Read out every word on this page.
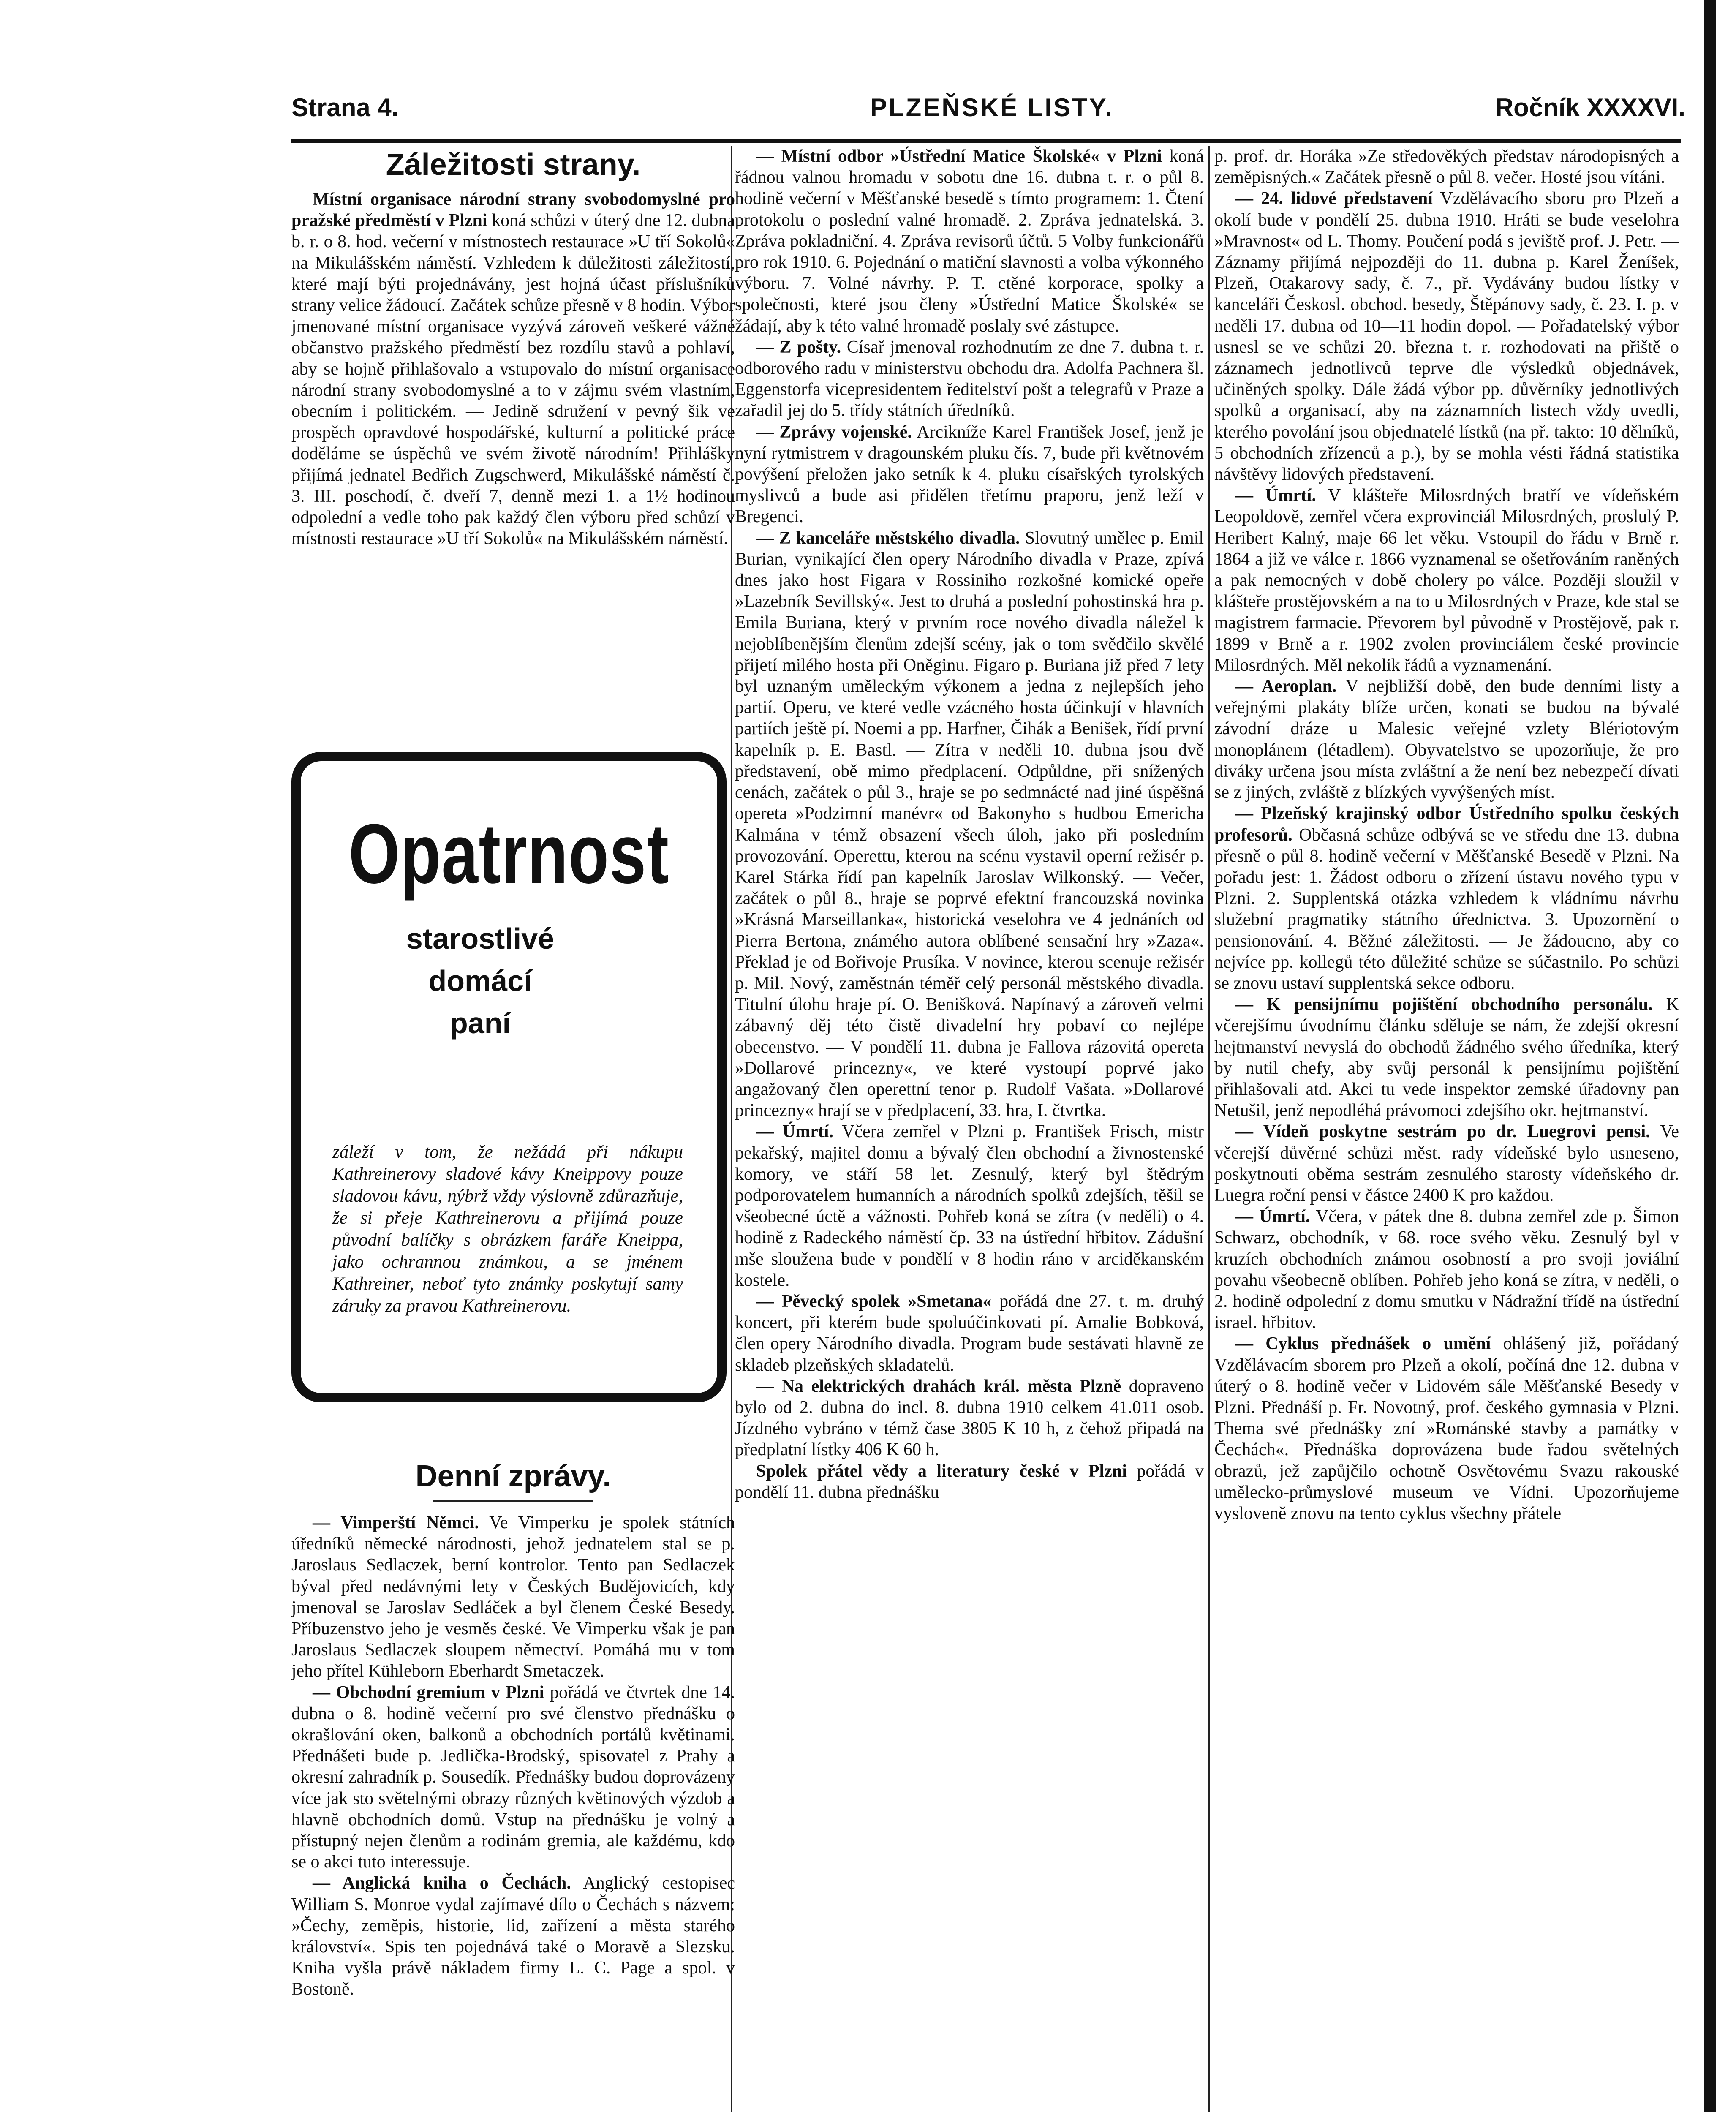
Strana 4.	PLZEŇSKÉ LISTY.	Ročník XXXXVI.
Záležitosti strany.

Místní organisace národní strany svobodomyslné pro pražské předměstí v Plzni koná schůzi v úterý dne 12. dubna b. r. o 8. hod. večerní v místnostech restaurace »U tří Sokolů« na Mikulášském náměstí. Vzhledem k důležitosti záležitostí, které mají býti projednávány, jest hojná účast příslušníků strany velice žádoucí. Začátek schůze přesně v 8 hodin. Výbor jmenované místní organisace vyzývá zároveň veškeré vážné občanstvo pražského předměstí bez rozdílu stavů a pohlaví, aby se hojně přihlašovalo a vstupovalo do místní organisace národní strany svobodomyslné a to v zájmu svém vlastním, obecním i politickém. — Jedině sdružení v pevný šik ve prospěch opravdové hospodářské, kulturní a politické práce doděláme se úspěchů ve svém životě národním! Přihlášky přijímá jednatel Bedřich Zugschwerd, Mikulášské náměstí č. 3. III. poschodí, č. dveří 7, denně mezi 1. a 1½ hodinou odpolední a vedle toho pak každý člen výboru před schůzí v místnosti restaurace »U tří Sokolů« na Mikulášském náměstí.

Opatrnost
starostlivé
domácí
paní
záleží v tom, že nežádá při nákupu Kathreinerovy sladové kávy Kneippovy pouze sladovou kávu, nýbrž vždy výslovně zdůrazňuje, že si přeje Kathreinerovu a přijímá pouze původní balíčky s obrázkem faráře Kneippa, jako ochrannou známkou, a se jménem Kathreiner, neboť tyto známky poskytují samy záruky za pravou Kathreinerovu.
Denní zprávy.

— Vimperští Němci. Ve Vimperku je spolek státních úředníků německé národnosti, jehož jednatelem stal se p. Jaroslaus Sedlaczek, berní kontrolor. Tento pan Sedlaczek býval před nedávnými lety v Českých Budějovicích, kdy jmenoval se Jaroslav Sedláček a byl členem České Besedy. Příbuzenstvo jeho je vesměs české. Ve Vimperku však je pan Jaroslaus Sedlaczek sloupem němectví. Pomáhá mu v tom jeho přítel Kühleborn Eberhardt Smetaczek.

— Obchodní gremium v Plzni pořádá ve čtvrtek dne 14. dubna o 8. hodině večerní pro své členstvo přednášku o okrašlování oken, balkonů a obchodních portálů květinami. Přednášeti bude p. Jedlička-Brodský, spisovatel z Prahy a okresní zahradník p. Sousedík. Přednášky budou doprovázeny více jak sto světelnými obrazy různých květinových výzdob a hlavně obchodních domů. Vstup na přednášku je volný a přístupný nejen členům a rodinám gremia, ale každému, kdo se o akci tuto interessuje.

— Anglická kniha o Čechách. Anglický cestopisec William S. Monroe vydal zajímavé dílo o Čechách s názvem: »Čechy, zeměpis, historie, lid, zařízení a města starého království«. Spis ten pojednává také o Moravě a Slezsku. Kniha vyšla právě nákladem firmy L. C. Page a spol. v Bostoně.

— Místní odbor »Ústřední Matice Školské« v Plzni koná řádnou valnou hromadu v sobotu dne 16. dubna t. r. o půl 8. hodině večerní v Měšťanské besedě s tímto programem: 1. Čtení protokolu o poslední valné hromadě. 2. Zpráva jednatelská. 3. Zpráva pokladniční. 4. Zpráva revisorů účtů. 5 Volby funkcionářů pro rok 1910. 6. Pojednání o matiční slavnosti a volba výkonného výboru. 7. Volné návrhy. P. T. ctěné korporace, spolky a společnosti, které jsou členy »Ústřední Matice Školské« se žádají, aby k této valné hromadě poslaly své zástupce.

— Z pošty. Císař jmenoval rozhodnutím ze dne 7. dubna t. r. odborového radu v ministerstvu obchodu dra. Adolfa Pachnera šl. Eggenstorfa vicepresidentem ředitelství pošt a telegrafů v Praze a zařadil jej do 5. třídy státních úředníků.

— Zprávy vojenské. Arcikníže Karel František Josef, jenž je nyní rytmistrem v dragounském pluku čís. 7, bude při květnovém povýšení přeložen jako setník k 4. pluku císařských tyrolských myslivců a bude asi přidělen třetímu praporu, jenž leží v Bregenci.

— Z kanceláře městského divadla. Slovutný umělec p. Emil Burian, vynikající člen opery Národního divadla v Praze, zpívá dnes jako host Figara v Rossiniho rozkošné komické opeře »Lazebník Sevillský«. Jest to druhá a poslední pohostinská hra p. Emila Buriana, který v prvním roce nového divadla náležel k nejoblíbenějším členům zdejší scény, jak o tom svědčilo skvělé přijetí milého hosta při Oněginu. Figaro p. Buriana již před 7 lety byl uznaným uměleckým výkonem a jedna z nejlepších jeho partií. Operu, ve které vedle vzácného hosta účinkují v hlavních partiích ještě pí. Noemi a pp. Harfner, Čihák a Benišek, řídí první kapelník p. E. Bastl. — Zítra v neděli 10. dubna jsou dvě představení, obě mimo předplacení. Odpůldne, při snížených cenách, začátek o půl 3., hraje se po sedmnácté nad jiné úspěšná opereta »Podzimní manévr« od Bakonyho s hudbou Emericha Kalmána v témž obsazení všech úloh, jako při posledním provozování. Operettu, kterou na scénu vystavil operní režisér p. Karel Stárka řídí pan kapelník Jaroslav Wilkonský. — Večer, začátek o půl 8., hraje se poprvé efektní francouzská novinka »Krásná Marseillanka«, historická veselohra ve 4 jednáních od Pierra Bertona, známého autora oblíbené sensační hry »Zaza«. Překlad je od Bořivoje Prusíka. V novince, kterou scenuje režisér p. Mil. Nový, zaměstnán téměř celý personál městského divadla. Titulní úlohu hraje pí. O. Benišková. Napínavý a zároveň velmi zábavný děj této čistě divadelní hry pobaví co nejlépe obecenstvo. — V pondělí 11. dubna je Fallova rázovitá opereta »Dollarové princezny«, ve které vystoupí poprvé jako angažovaný člen operettní tenor p. Rudolf Vašata. »Dollarové princezny« hrají se v předplacení, 33. hra, I. čtvrtka.

— Úmrtí. Včera zemřel v Plzni p. František Frisch, mistr pekařský, majitel domu a bývalý člen obchodní a živnostenské komory, ve stáří 58 let. Zesnulý, který byl štědrým podporovatelem humanních a národních spolků zdejších, těšil se všeobecné úctě a vážnosti. Pohřeb koná se zítra (v neděli) o 4. hodině z Radeckého náměstí čp. 33 na ústřední hřbitov. Zádušní mše sloužena bude v pondělí v 8 hodin ráno v arciděkanském kostele.

— Pěvecký spolek »Smetana« pořádá dne 27. t. m. druhý koncert, při kterém bude spoluúčinkovati pí. Amalie Bobková, člen opery Národního divadla. Program bude sestávati hlavně ze skladeb plzeňských skladatelů.

— Na elektrických drahách král. města Plzně dopraveno bylo od 2. dubna do incl. 8. dubna 1910 celkem 41.011 osob. Jízdného vybráno v témž čase 3805 K 10 h, z čehož připadá na předplatní lístky 406 K 60 h.

Spolek přátel vědy a literatury české v Plzni pořádá v pondělí 11. dubna přednášku

p. prof. dr. Horáka »Ze středověkých představ národopisných a zeměpisných.« Začátek přesně o půl 8. večer. Hosté jsou vítáni.

— 24. lidové představení Vzdělávacího sboru pro Plzeň a okolí bude v pondělí 25. dubna 1910. Hráti se bude veselohra »Mravnost« od L. Thomy. Poučení podá s jeviště prof. J. Petr. — Záznamy přijímá nejpozději do 11. dubna p. Karel Ženíšek, Plzeň, Otakarovy sady, č. 7., př. Vydávány budou lístky v kanceláři Českosl. obchod. besedy, Štěpánovy sady, č. 23. I. p. v neděli 17. dubna od 10—11 hodin dopol. — Pořadatelský výbor usnesl se ve schůzi 20. března t. r. rozhodovati na přiště o záznamech jednotlivců teprve dle výsledků objednávek, učiněných spolky. Dále žádá výbor pp. důvěrníky jednotlivých spolků a organisací, aby na záznamních listech vždy uvedli, kterého povolání jsou objednatelé lístků (na př. takto: 10 dělníků, 5 obchodních zřízenců a p.), by se mohla vésti řádná statistika návštěvy lidových představení.

— Úmrtí. V klášteře Milosrdných bratří ve vídeňském Leopoldově, zemřel včera exprovinciál Milosrdných, proslulý P. Heribert Kalný, maje 66 let věku. Vstoupil do řádu v Brně r. 1864 a již ve válce r. 1866 vyznamenal se ošetřováním raněných a pak nemocných v době cholery po válce. Později sloužil v klášteře prostějovském a na to u Milosrdných v Praze, kde stal se magistrem farmacie. Převorem byl původně v Prostějově, pak r. 1899 v Brně a r. 1902 zvolen provinciálem české provincie Milosrdných. Měl nekolik řádů a vyznamenání.

— Aeroplan. V nejbližší době, den bude denními listy a veřejnými plakáty blíže určen, konati se budou na bývalé závodní dráze u Malesic veřejné vzlety Blériotovým monoplánem (létadlem). Obyvatelstvo se upozorňuje, že pro diváky určena jsou místa zvláštní a že není bez nebezpečí dívati se z jiných, zvláště z blízkých vyvýšených míst.

— Plzeňský krajinský odbor Ústředního spolku českých profesorů. Občasná schůze odbývá se ve středu dne 13. dubna přesně o půl 8. hodině večerní v Měšťanské Besedě v Plzni. Na pořadu jest: 1. Žádost odboru o zřízení ústavu nového typu v Plzni. 2. Supplentská otázka vzhledem k vládnímu návrhu služební pragmatiky státního úřednictva. 3. Upozornění o pensionování. 4. Běžné záležitosti. — Je žádoucno, aby co nejvíce pp. kollegů této důležité schůze se súčastnilo. Po schůzi se znovu ustaví supplentská sekce odboru.

— K pensijnímu pojištění obchodního personálu. K včerejšímu úvodnímu článku sděluje se nám, že zdejší okresní hejtmanství nevyslá do obchodů žádného svého úředníka, který by nutil chefy, aby svůj personál k pensijnímu pojištění přihlašovali atd. Akci tu vede inspektor zemské úřadovny pan Netušil, jenž nepodléhá právomoci zdejšího okr. hejtmanství.

— Vídeň poskytne sestrám po dr. Luegrovi pensi. Ve včerejší důvěrné schůzi měst. rady vídeňské bylo usneseno, poskytnouti oběma sestrám zesnulého starosty vídeňského dr. Luegra roční pensi v částce 2400 K pro každou.

— Úmrtí. Včera, v pátek dne 8. dubna zemřel zde p. Šimon Schwarz, obchodník, v 68. roce svého věku. Zesnulý byl v kruzích obchodních známou osobností a pro svoji joviální povahu všeobecně oblíben. Pohřeb jeho koná se zítra, v neděli, o 2. hodině odpolední z domu smutku v Nádražní třídě na ústřední israel. hřbitov.

— Cyklus přednášek o umění ohlášený již, pořádaný Vzdělávacím sborem pro Plzeň a okolí, počíná dne 12. dubna v úterý o 8. hodině večer v Lidovém sále Měšťanské Besedy v Plzni. Přednáší p. Fr. Novotný, prof. českého gymnasia v Plzni. Thema své přednášky zní »Románské stavby a památky v Čechách«. Přednáška doprovázena bude řadou světelných obrazů, jež zapůjčilo ochotně Osvětovému Svazu rakouské umělecko-průmyslové museum ve Vídni. Upozorňujeme vysloveně znovu na tento cyklus všechny přátele
